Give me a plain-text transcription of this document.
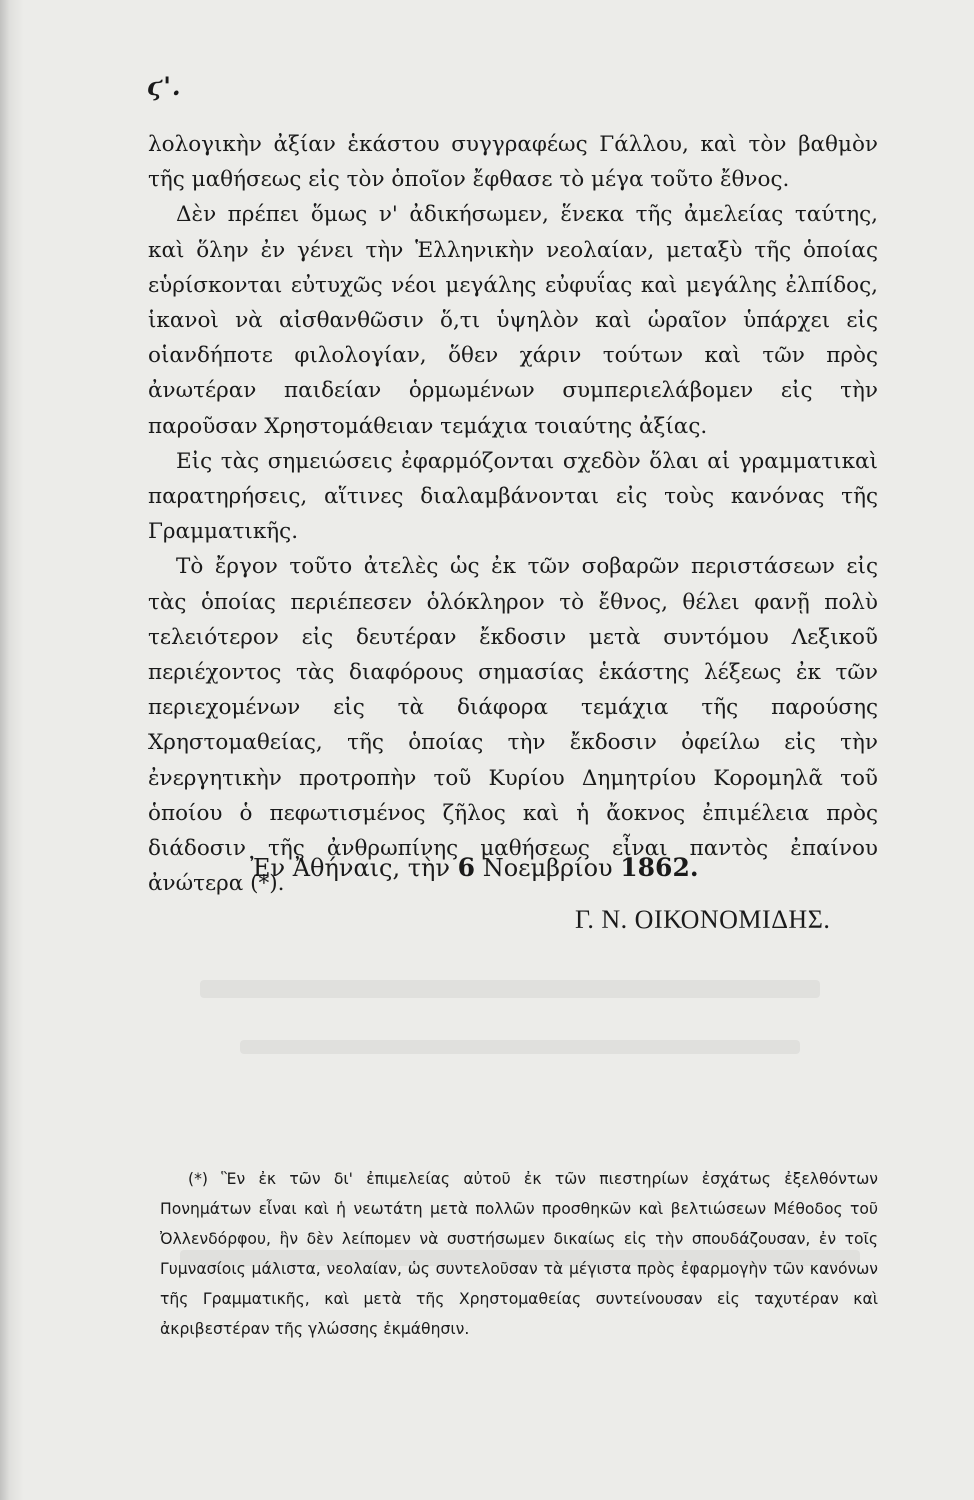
ϛ'.

λολογικὴν ἀξίαν ἑκάστου συγγραφέως Γάλλου, καὶ τὸν βαθμὸν τῆς μαθήσεως εἰς τὸν ὁποῖον ἔφθασε τὸ μέγα τοῦτο ἔθνος.

Δὲν πρέπει ὅμως ν' ἀδικήσωμεν, ἕνεκα τῆς ἀμελείας ταύτης, καὶ ὅλην ἐν γένει τὴν Ἑλληνικὴν νεολαίαν, μεταξὺ τῆς ὁποίας εὑρίσκονται εὐτυχῶς νέοι μεγάλης εὐφυΐας καὶ μεγάλης ἐλπίδος, ἱκανοὶ νὰ αἰσθανθῶσιν ὅ,τι ὑψηλὸν καὶ ὡραῖον ὑπάρχει εἰς οἱανδήποτε φιλολογίαν, ὅθεν χάριν τούτων καὶ τῶν πρὸς ἀνωτέραν παιδείαν ὁρμωμένων συμπεριελάβομεν εἰς τὴν παροῦσαν Χρηστομάθειαν τεμάχια τοιαύτης ἀξίας.

Εἰς τὰς σημειώσεις ἐφαρμόζονται σχεδὸν ὅλαι αἱ γραμματικαὶ παρατηρήσεις, αἵτινες διαλαμβάνονται εἰς τοὺς κανόνας τῆς Γραμματικῆς.

Τὸ ἔργον τοῦτο ἀτελὲς ὡς ἐκ τῶν σοβαρῶν περιστάσεων εἰς τὰς ὁποίας περιέπεσεν ὁλόκληρον τὸ ἔθνος, θέλει φανῇ πολὺ τελειότερον εἰς δευτέραν ἔκδοσιν μετὰ συντόμου Λεξικοῦ περιέχοντος τὰς διαφόρους σημασίας ἑκάστης λέξεως ἐκ τῶν περιεχομένων εἰς τὰ διάφορα τεμάχια τῆς παρούσης Χρηστομαθείας, τῆς ὁποίας τὴν ἔκδοσιν ὀφείλω εἰς τὴν ἐνεργητικὴν προτροπὴν τοῦ Κυρίου Δημητρίου Κορομηλᾶ τοῦ ὁποίου ὁ πεφωτισμένος ζῆλος καὶ ἡ ἄοκνος ἐπιμέλεια πρὸς διάδοσιν τῆς ἀνθρωπίνης μαθήσεως εἶναι παντὸς ἐπαίνου ἀνώτερα (*).

Ἐν Ἀθήναις, τὴν 6 Νοεμβρίου 1862.
Γ. Ν. ΟΙΚΟΝΟΜΙΔΗΣ.

(*) Ἓν ἐκ τῶν δι' ἐπιμελείας αὐτοῦ ἐκ τῶν πιεστηρίων ἐσχάτως ἐξελθόντων Πονημάτων εἶναι καὶ ἡ νεωτάτη μετὰ πολλῶν προσθηκῶν καὶ βελτιώσεων Μέθοδος τοῦ Ὀλλενδόρφου, ἣν δὲν λείπομεν νὰ συστήσωμεν δικαίως εἰς τὴν σπουδάζουσαν, ἐν τοῖς Γυμνασίοις μάλιστα, νεολαίαν, ὡς συντελοῦσαν τὰ μέγιστα πρὸς ἐφαρμογὴν τῶν κανόνων τῆς Γραμματικῆς, καὶ μετὰ τῆς Χρηστομαθείας συντείνουσαν εἰς ταχυτέραν καὶ ἀκριβεστέραν τῆς γλώσσης ἐκμάθησιν.
